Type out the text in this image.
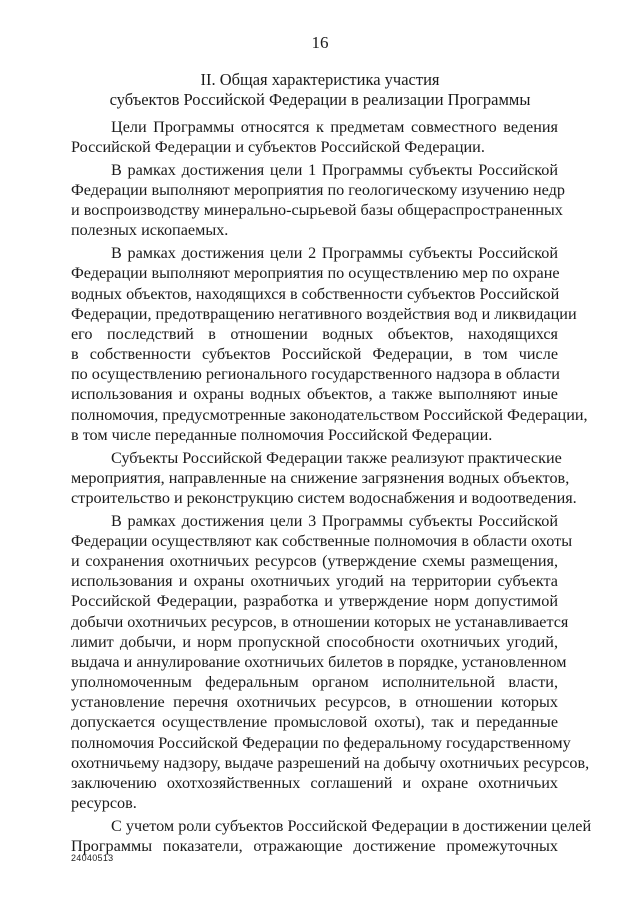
16
II. Общая характеристика участия
субъектов Российской Федерации в реализации Программы
Цели Программы относятся к предметам совместного ведения
Российской Федерации и субъектов Российской Федерации.
В рамках достижения цели 1 Программы субъекты Российской
Федерации выполняют мероприятия по геологическому изучению недр
и воспроизводству минерально-сырьевой базы общераспространенных
полезных ископаемых.
В рамках достижения цели 2 Программы субъекты Российской
Федерации выполняют мероприятия по осуществлению мер по охране
водных объектов, находящихся в собственности субъектов Российской
Федерации, предотвращению негативного воздействия вод и ликвидации
его последствий в отношении водных объектов, находящихся
в собственности субъектов Российской Федерации, в том числе
по осуществлению регионального государственного надзора в области
использования и охраны водных объектов, а также выполняют иные
полномочия, предусмотренные законодательством Российской Федерации,
в том числе переданные полномочия Российской Федерации.
Субъекты Российской Федерации также реализуют практические
мероприятия, направленные на снижение загрязнения водных объектов,
строительство и реконструкцию систем водоснабжения и водоотведения.
В рамках достижения цели 3 Программы субъекты Российской
Федерации осуществляют как собственные полномочия в области охоты
и сохранения охотничьих ресурсов (утверждение схемы размещения,
использования и охраны охотничьих угодий на территории субъекта
Российской Федерации, разработка и утверждение норм допустимой
добычи охотничьих ресурсов, в отношении которых не устанавливается
лимит добычи, и норм пропускной способности охотничьих угодий,
выдача и аннулирование охотничьих билетов в порядке, установленном
уполномоченным федеральным органом исполнительной власти,
установление перечня охотничьих ресурсов, в отношении которых
допускается осуществление промысловой охоты), так и переданные
полномочия Российской Федерации по федеральному государственному
охотничьему надзору, выдаче разрешений на добычу охотничьих ресурсов,
заключению охотхозяйственных соглашений и охране охотничьих
ресурсов.
С учетом роли субъектов Российской Федерации в достижении целей
Программы показатели, отражающие достижение промежуточных
24040513
